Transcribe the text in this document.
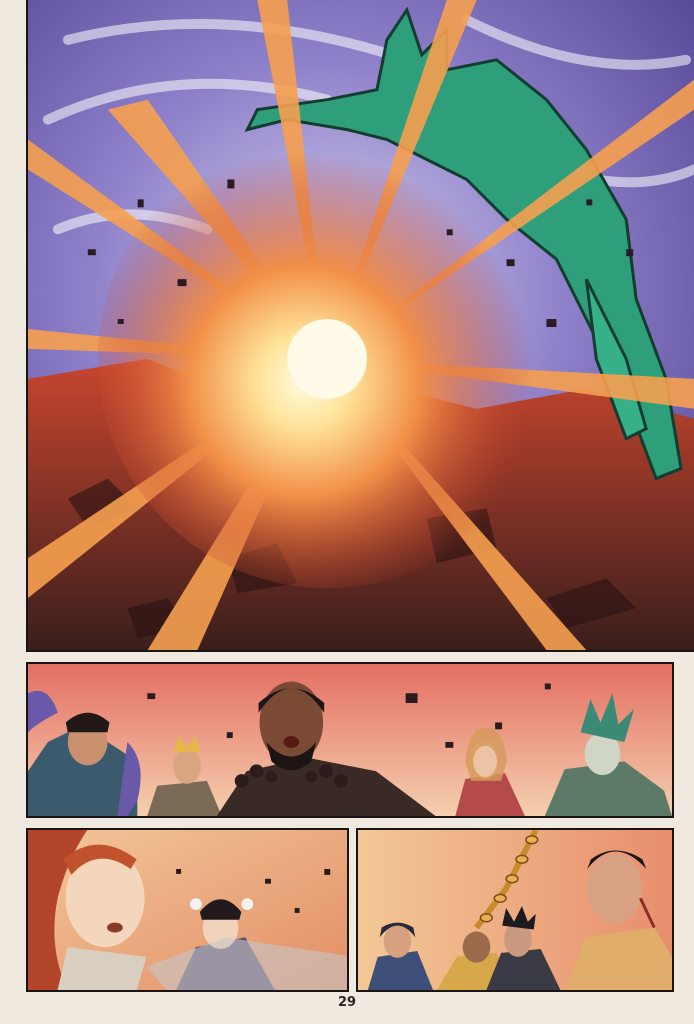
29
